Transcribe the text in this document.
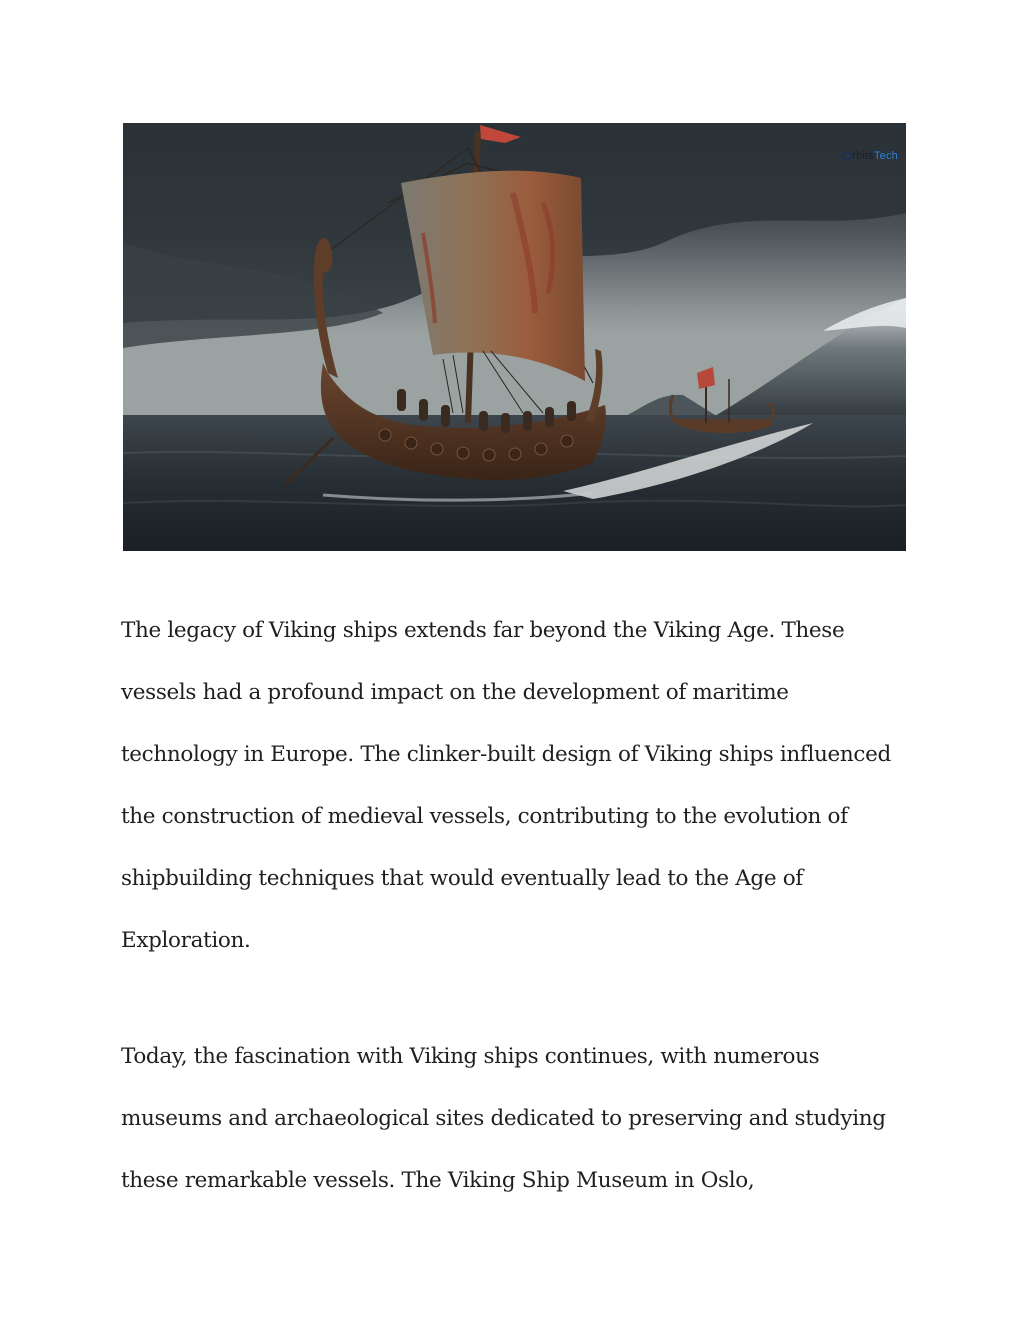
rbits Tech

The legacy of Viking ships extends far beyond the Viking Age. These vessels had a profound impact on the development of maritime technology in Europe. The clinker-built design of Viking ships influenced the construction of medieval vessels, contributing to the evolution of shipbuilding techniques that would eventually lead to the Age of Exploration.

Today, the fascination with Viking ships continues, with numerous museums and archaeological sites dedicated to preserving and studying these remarkable vessels. The Viking Ship Museum in Oslo,
